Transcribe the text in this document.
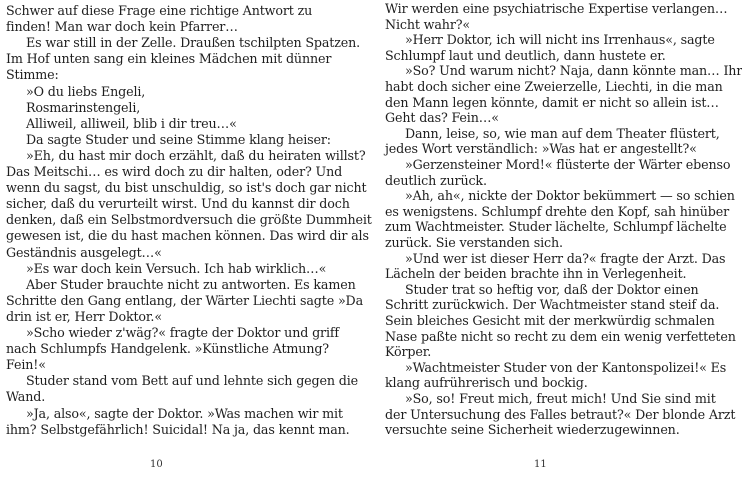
Schwer auf diese Frage eine richtige Antwort zu
finden! Man war doch kein Pfarrer…
Es war still in der Zelle. Draußen tschilpten Spatzen.
Im Hof unten sang ein kleines Mädchen mit dünner
Stimme:
»O du liebs Engeli,
Rosmarinstengeli,
Alliweil, alliweil, blib i dir treu…«
Da sagte Studer und seine Stimme klang heiser:
»Eh, du hast mir doch erzählt, daß du heiraten willst?
Das Meitschi… es wird doch zu dir halten, oder? Und
wenn du sagst, du bist unschuldig, so ist's doch gar nicht
sicher, daß du verurteilt wirst. Und du kannst dir doch
denken, daß ein Selbstmordversuch die größte Dummheit
gewesen ist, die du hast machen können. Das wird dir als
Geständnis ausgelegt…«
»Es war doch kein Versuch. Ich hab wirklich…«
Aber Studer brauchte nicht zu antworten. Es kamen
Schritte den Gang entlang, der Wärter Liechti sagte »Da
drin ist er, Herr Doktor.«
»Scho wieder z'wäg?« fragte der Doktor und griff
nach Schlumpfs Handgelenk. »Künstliche Atmung?
Fein!«
Studer stand vom Bett auf und lehnte sich gegen die
Wand.
»Ja, also«, sagte der Doktor. »Was machen wir mit
ihm? Selbstgefährlich! Suicidal! Na ja, das kennt man.
10
Wir werden eine psychiatrische Expertise verlangen…
Nicht wahr?«
»Herr Doktor, ich will nicht ins Irrenhaus«, sagte
Schlumpf laut und deutlich, dann hustete er.
»So? Und warum nicht? Naja, dann könnte man… Ihr
habt doch sicher eine Zweierzelle, Liechti, in die man
den Mann legen könnte, damit er nicht so allein ist…
Geht das? Fein…«
Dann, leise, so, wie man auf dem Theater flüstert,
jedes Wort verständlich: »Was hat er angestellt?«
»Gerzensteiner Mord!« flüsterte der Wärter ebenso
deutlich zurück.
»Ah, ah«, nickte der Doktor bekümmert — so schien
es wenigstens. Schlumpf drehte den Kopf, sah hinüber
zum Wachtmeister. Studer lächelte, Schlumpf lächelte
zurück. Sie verstanden sich.
»Und wer ist dieser Herr da?« fragte der Arzt. Das
Lächeln der beiden brachte ihn in Verlegenheit.
Studer trat so heftig vor, daß der Doktor einen
Schritt zurückwich. Der Wachtmeister stand steif da.
Sein bleiches Gesicht mit der merkwürdig schmalen
Nase paßte nicht so recht zu dem ein wenig verfetteten
Körper.
»Wachtmeister Studer von der Kantonspolizei!« Es
klang aufrührerisch und bockig.
»So, so! Freut mich, freut mich! Und Sie sind mit
der Untersuchung des Falles betraut?« Der blonde Arzt
versuchte seine Sicherheit wiederzugewinnen.
11
